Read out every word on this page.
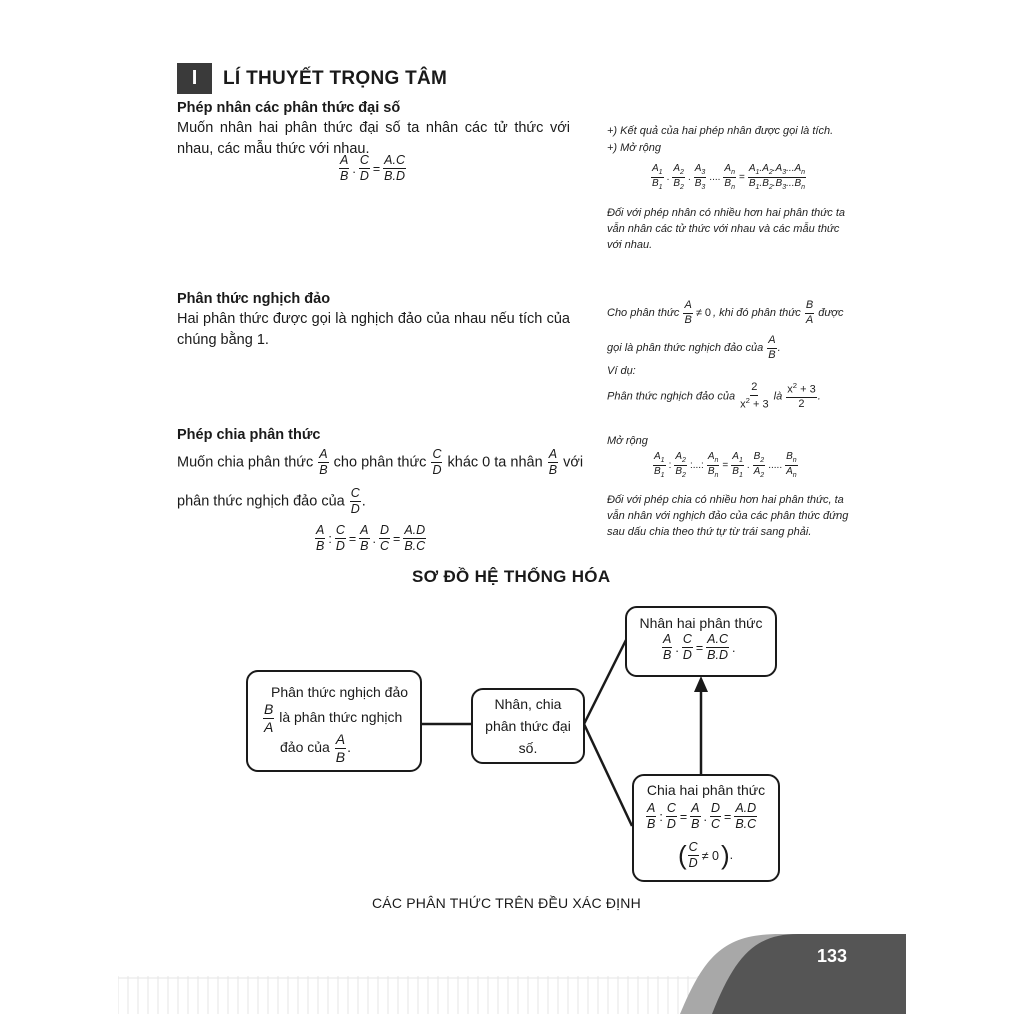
I	LÍ THUYẾT TRỌNG TÂM
Phép nhân các phân thức đại số
Muốn nhân hai phân thức đại số ta nhân các tử thức với nhau, các mẫu thức với nhau.
$\frac{A}{B}$ . $\frac{C}{D} = \frac{A.C}{B.D}$
+) Kết quả của hai phép nhân được gọi là tích.
+) Mở rộng
$\frac{A_1}{B_1}$ . $\frac{A_2}{B_2}$ . $\frac{A_3}{B_3}$ .... $\frac{A_n}{B_n} = \frac{A_1.A_2.A_3...A_n}{B_1.B_2.B_3...B_n}$
Đối với phép nhân có nhiều hơn hai phân thức ta vẫn nhân các tử thức với nhau và các mẫu thức với nhau.
Phân thức nghịch đảo
Hai phân thức được gọi là nghịch đảo của nhau nếu tích của chúng bằng 1.
Cho phân thức $\frac{A}{B} \ne 0$ , khi đó phân thức $\frac{B}{A}$ được
gọi là phân thức nghịch đảo của $\frac{A}{B}$ .
Ví dụ:
Phân thức nghịch đảo của $\frac{2}{x^2 + 3}$ là $\frac{x^2 + 3}{2}$ .
Phép chia phân thức
Muốn chia phân thức $\frac{A}{B}$ cho phân thức $\frac{C}{D}$ khác 0 ta nhân $\frac{A}{B}$ với
phân thức nghịch đảo của $\frac{C}{D}$ .
$\frac{A}{B}$ : $\frac{C}{D} = \frac{A}{B}$ . $\frac{D}{C} = \frac{A.D}{B.C}$
Mở rộng
$\frac{A_1}{B_1}$ : $\frac{A_2}{B_2}$ :...: $\frac{A_n}{B_n} = \frac{A_1}{B_1}$ . $\frac{B_2}{A_2}$ ..... $\frac{B_n}{A_n}$
Đối với phép chia có nhiều hơn hai phân thức, ta vẫn nhân với nghịch đảo của các phân thức đứng sau dấu chia theo thứ tự từ trái sang phải.
SƠ ĐỒ HỆ THỐNG HÓA
Phân thức nghịch đảo
$\frac{B}{A}$ là phân thức nghịch
đảo của $\frac{A}{B}$ .
Nhân, chia phân thức đại số.
Nhân hai phân thức
$\frac{A}{B}$ . $\frac{C}{D} = \frac{A.C}{B.D}$ .
Chia hai phân thức
$\frac{A}{B}$ : $\frac{C}{D} = \frac{A}{B}$ . $\frac{D}{C} = \frac{A.D}{B.C}$
( $\frac{C}{D} \ne 0$).
CÁC PHÂN THỨC TRÊN ĐỀU XÁC ĐỊNH
133
